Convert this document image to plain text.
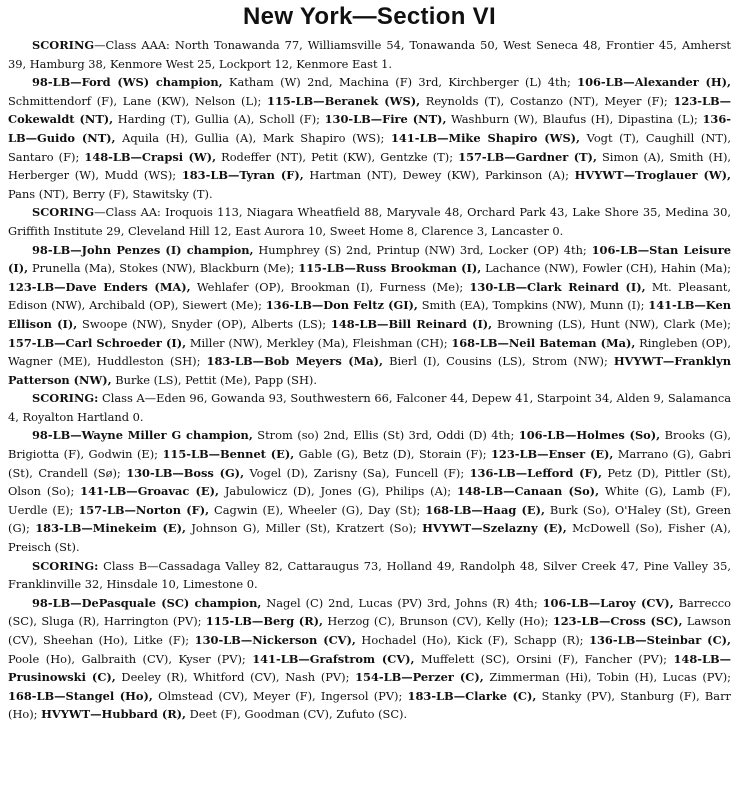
New York—Section VI

SCORING—Class AAA: North Tonawanda 77, Williamsville 54, Tonawanda 50, West Seneca 48, Frontier 45, Amherst 39, Hamburg 38, Kenmore West 25, Lockport 12, Kenmore East 1.

98-LB—Ford (WS) champion, Katham (W) 2nd, Machina (F) 3rd, Kirchberger (L) 4th; 106-LB—Alexander (H), Schmittendorf (F), Lane (KW), Nelson (L); 115-LB—Beranek (WS), Reynolds (T), Costanzo (NT), Meyer (F); 123-LB—Cokewaldt (NT), Harding (T), Gullia (A), Scholl (F); 130-LB—Fire (NT), Washburn (W), Blaufus (H), Dipastina (L); 136-LB—Guido (NT), Aquila (H), Gullia (A), Mark Shapiro (WS); 141-LB—Mike Shapiro (WS), Vogt (T), Caughill (NT), Santaro (F); 148-LB—Crapsi (W), Rodeffer (NT), Petit (KW), Gentzke (T); 157-LB—Gardner (T), Simon (A), Smith (H), Herberger (W), Mudd (WS); 183-LB—Tyran (F), Hartman (NT), Dewey (KW), Parkinson (A); HVYWT—Troglauer (W), Pans (NT), Berry (F), Stawitsky (T).

SCORING—Class AA: Iroquois 113, Niagara Wheatfield 88, Maryvale 48, Orchard Park 43, Lake Shore 35, Medina 30, Griffith Institute 29, Cleveland Hill 12, East Aurora 10, Sweet Home 8, Clarence 3, Lancaster 0.

98-LB—John Penzes (I) champion, Humphrey (S) 2nd, Printup (NW) 3rd, Locker (OP) 4th; 106-LB—Stan Leisure (I), Prunella (Ma), Stokes (NW), Blackburn (Me); 115-LB—Russ Brookman (I), Lachance (NW), Fowler (CH), Hahin (Ma); 123-LB—Dave Enders (MA), Wehlafer (OP), Brookman (I), Furness (Me); 130-LB—Clark Reinard (I), Mt. Pleasant, Edison (NW), Archibald (OP), Siewert (Me); 136-LB—Don Feltz (GI), Smith (EA), Tompkins (NW), Munn (I); 141-LB—Ken Ellison (I), Swoope (NW), Snyder (OP), Alberts (LS); 148-LB—Bill Reinard (I), Browning (LS), Hunt (NW), Clark (Me); 157-LB—Carl Schroeder (I), Miller (NW), Merkley (Ma), Fleishman (CH); 168-LB—Neil Bateman (Ma), Ringleben (OP), Wagner (ME), Huddleston (SH); 183-LB—Bob Meyers (Ma), Bierl (I), Cousins (LS), Strom (NW); HVYWT—Franklyn Patterson (NW), Burke (LS), Pettit (Me), Papp (SH).

SCORING: Class A—Eden 96, Gowanda 93, Southwestern 66, Falconer 44, Depew 41, Starpoint 34, Alden 9, Salamanca 4, Royalton Hartland 0.

98-LB—Wayne Miller G champion, Strom (so) 2nd, Ellis (St) 3rd, Oddi (D) 4th; 106-LB—Holmes (So), Brooks (G), Brigiotta (F), Godwin (E); 115-LB—Bennet (E), Gable (G), Betz (D), Storain (F); 123-LB—Enser (E), Marrano (G), Gabri (St), Crandell (Sø); 130-LB—Boss (G), Vogel (D), Zarisny (Sa), Funcell (F); 136-LB—Lefford (F), Petz (D), Pittler (St), Olson (So); 141-LB—Groavac (E), Jabulowicz (D), Jones (G), Philips (A); 148-LB—Canaan (So), White (G), Lamb (F), Uerdle (E); 157-LB—Norton (F), Cagwin (E), Wheeler (G), Day (St); 168-LB—Haag (E), Burk (So), O'Haley (St), Green (G); 183-LB—Minekeim (E), Johnson G), Miller (St), Kratzert (So); HVYWT—Szelazny (E), McDowell (So), Fisher (A), Preisch (St).

SCORING: Class B—Cassadaga Valley 82, Cattaraugus 73, Holland 49, Randolph 48, Silver Creek 47, Pine Valley 35, Franklinville 32, Hinsdale 10, Limestone 0.

98-LB—DePasquale (SC) champion, Nagel (C) 2nd, Lucas (PV) 3rd, Johns (R) 4th; 106-LB—Laroy (CV), Barrecco (SC), Sluga (R), Harrington (PV); 115-LB—Berg (R), Herzog (C), Brunson (CV), Kelly (Ho); 123-LB—Cross (SC), Lawson (CV), Sheehan (Ho), Litke (F); 130-LB—Nickerson (CV), Hochadel (Ho), Kick (F), Schapp (R); 136-LB—Steinbar (C), Poole (Ho), Galbraith (CV), Kyser (PV); 141-LB—Grafstrom (CV), Muffelett (SC), Orsini (F), Fancher (PV); 148-LB—Prusinowski (C), Deeley (R), Whitford (CV), Nash (PV); 154-LB—Perzer (C), Zimmerman (Hi), Tobin (H), Lucas (PV); 168-LB—Stangel (Ho), Olmstead (CV), Meyer (F), Ingersol (PV); 183-LB—Clarke (C), Stanky (PV), Stanburg (F), Barr (Ho); HVYWT—Hubbard (R), Deet (F), Goodman (CV), Zufuto (SC).
